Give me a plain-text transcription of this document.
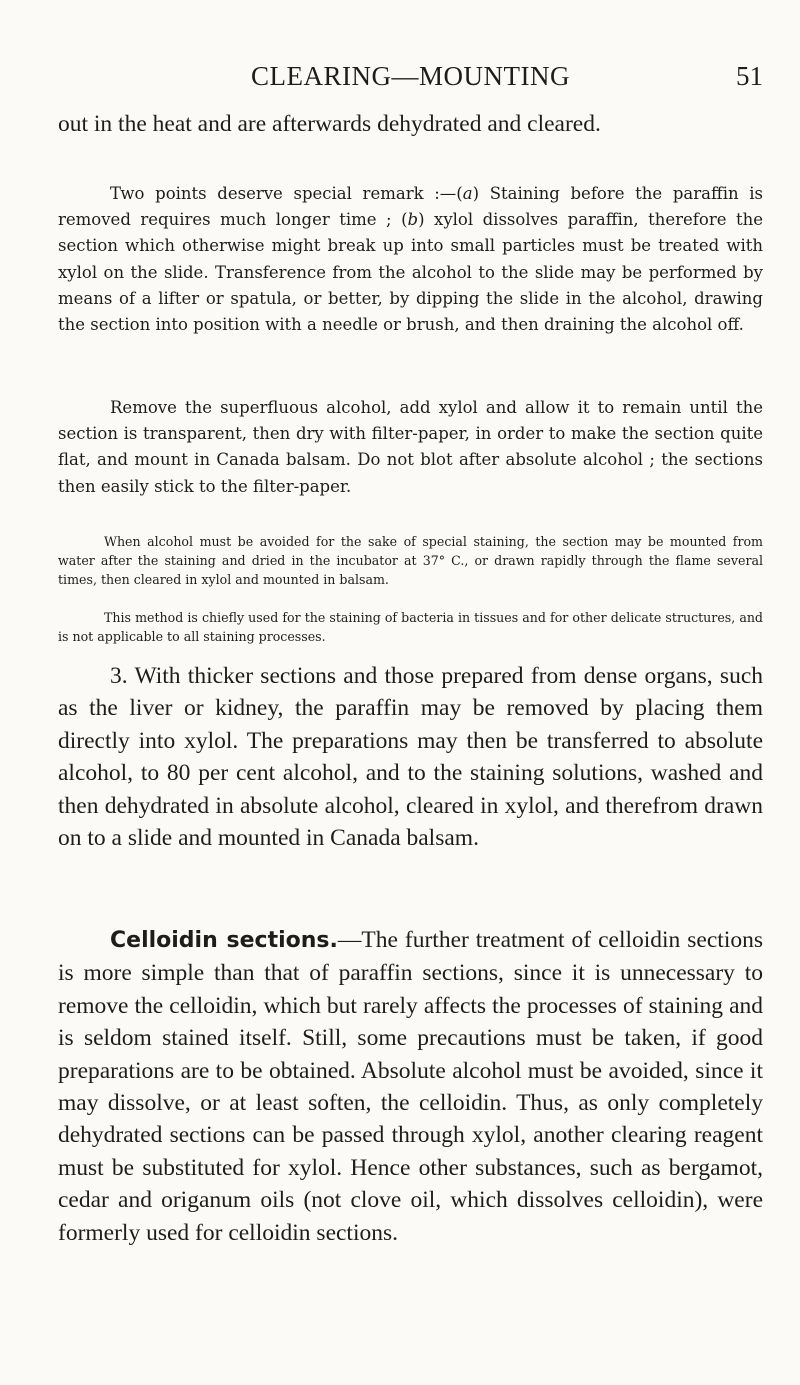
CLEARING—MOUNTING	51

out in the heat and are afterwards dehydrated and cleared.

Two points deserve special remark :—(a) Staining before the paraffin is removed requires much longer time ; (b) xylol dissolves paraffin, therefore the section which otherwise might break up into small particles must be treated with xylol on the slide. Transference from the alcohol to the slide may be performed by means of a lifter or spatula, or better, by dipping the slide in the alcohol, drawing the section into position with a needle or brush, and then draining the alcohol off.

Remove the superfluous alcohol, add xylol and allow it to remain until the section is transparent, then dry with filter-paper, in order to make the section quite flat, and mount in Canada balsam. Do not blot after absolute alcohol ; the sections then easily stick to the filter-paper.

When alcohol must be avoided for the sake of special staining, the section may be mounted from water after the staining and dried in the incubator at 37° C., or drawn rapidly through the flame several times, then cleared in xylol and mounted in balsam.

This method is chiefly used for the staining of bacteria in tissues and for other delicate structures, and is not applicable to all staining processes.

3. With thicker sections and those prepared from dense organs, such as the liver or kidney, the paraffin may be removed by placing them directly into xylol. The preparations may then be transferred to absolute alcohol, to 80 per cent alcohol, and to the staining solutions, washed and then dehydrated in absolute alcohol, cleared in xylol, and therefrom drawn on to a slide and mounted in Canada balsam.

Celloidin sections.—The further treatment of celloidin sections is more simple than that of paraffin sections, since it is unnecessary to remove the celloidin, which but rarely affects the processes of staining and is seldom stained itself. Still, some precautions must be taken, if good preparations are to be obtained. Absolute alcohol must be avoided, since it may dissolve, or at least soften, the celloidin. Thus, as only completely dehydrated sections can be passed through xylol, another clearing reagent must be substituted for xylol. Hence other substances, such as bergamot, cedar and origanum oils (not clove oil, which dissolves celloidin), were formerly used for celloidin sections.
